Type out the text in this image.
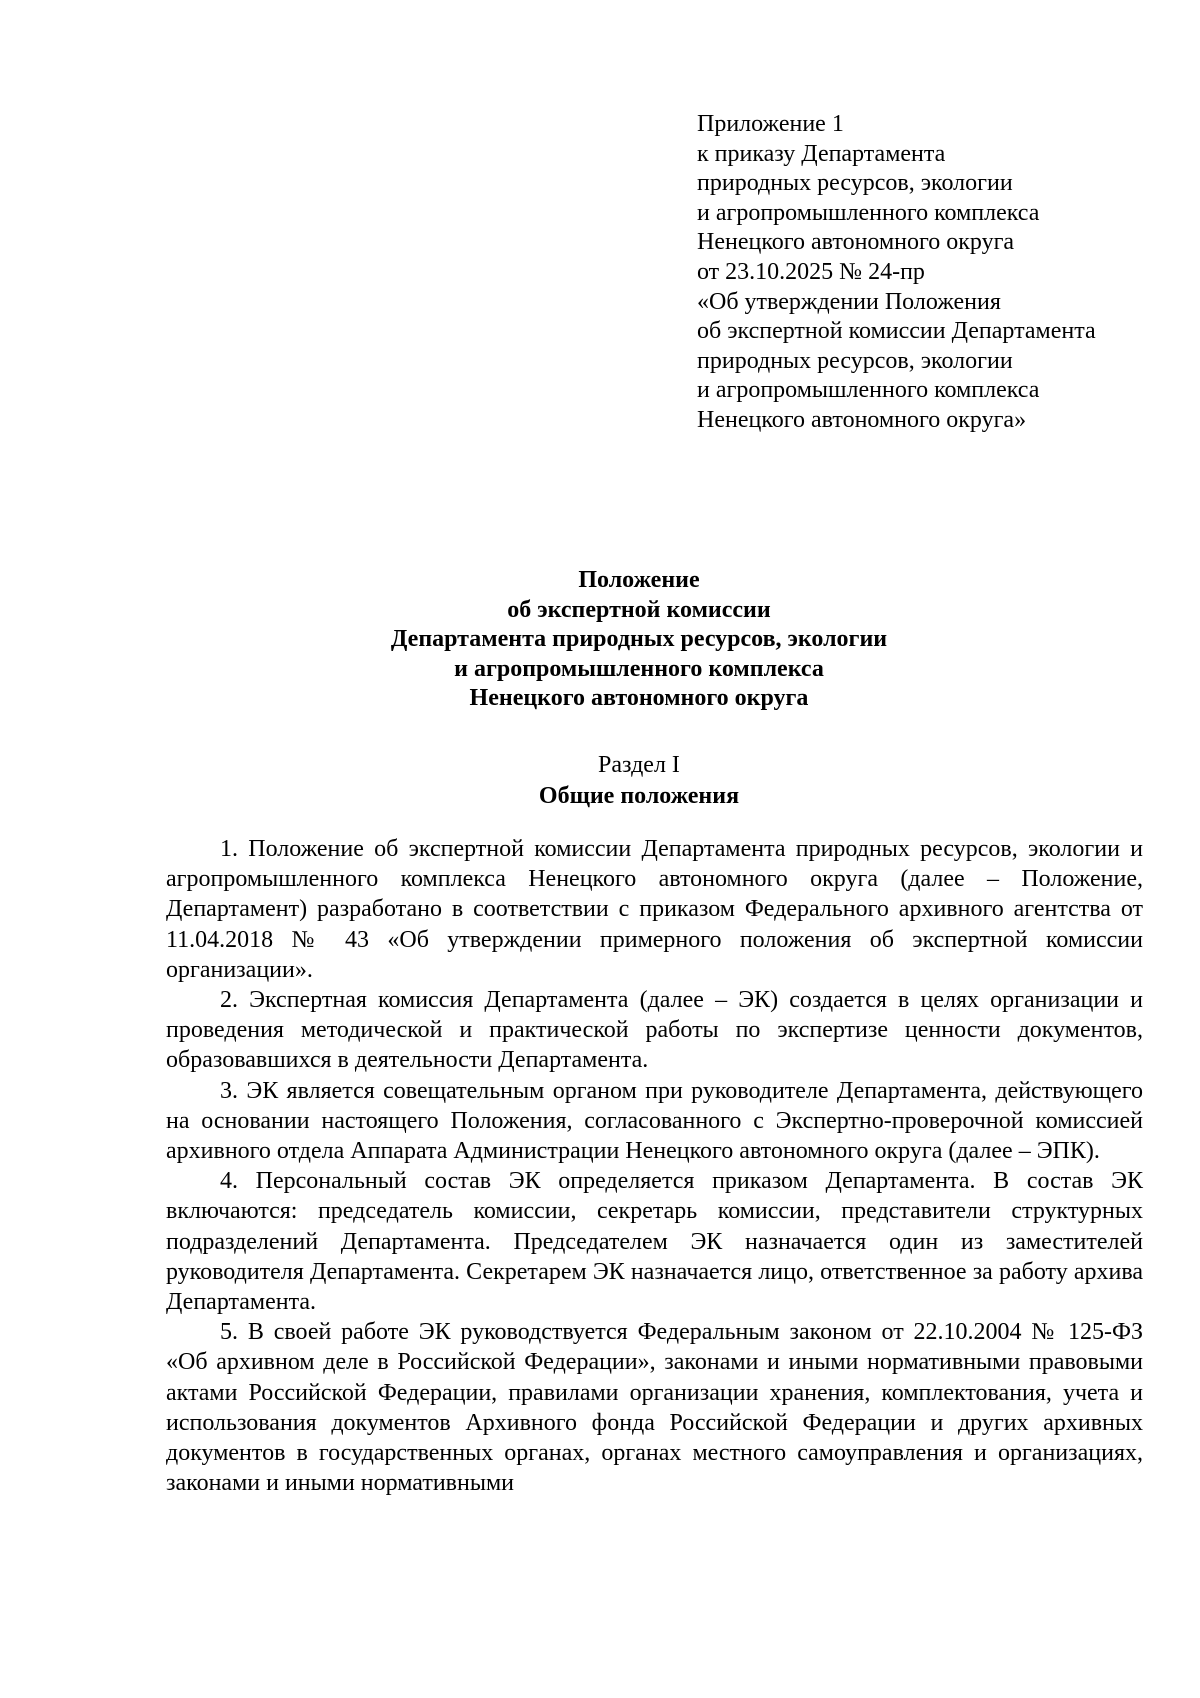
Приложение 1
к приказу Департамента
природных ресурсов, экологии
и агропромышленного комплекса
Ненецкого автономного округа
от 23.10.2025 № 24-пр
«Об утверждении Положения
об экспертной комиссии Департамента
природных ресурсов, экологии
и агропромышленного комплекса
Ненецкого автономного округа»
Положение
об экспертной комиссии
Департамента природных ресурсов, экологии
и агропромышленного комплекса
Ненецкого автономного округа
Раздел I
Общие положения

1. Положение об экспертной комиссии Департамента природных ресурсов, экологии и агропромышленного комплекса Ненецкого автономного округа (далее – Положение, Департамент) разработано в соответствии с приказом Федерального архивного агентства от 11.04.2018 № 43 «Об утверждении примерного положения об экспертной комиссии организации».

2. Экспертная комиссия Департамента (далее – ЭК) создается в целях организации и проведения методической и практической работы по экспертизе ценности документов, образовавшихся в деятельности Департамента.

3. ЭК является совещательным органом при руководителе Департамента, действующего на основании настоящего Положения, согласованного с Экспертно-проверочной комиссией архивного отдела Аппарата Администрации Ненецкого автономного округа (далее – ЭПК).

4. Персональный состав ЭК определяется приказом Департамента. В состав ЭК включаются: председатель комиссии, секретарь комиссии, представители структурных подразделений Департамента. Председателем ЭК назначается один из заместителей руководителя Департамента. Секретарем ЭК назначается лицо, ответственное за работу архива Департамента.

5. В своей работе ЭК руководствуется Федеральным законом от 22.10.2004 № 125-ФЗ «Об архивном деле в Российской Федерации», законами и иными нормативными правовыми актами Российской Федерации, правилами организации хранения, комплектования, учета и использования документов Архивного фонда Российской Федерации и других архивных документов в государственных органах, органах местного самоуправления и организациях, законами и иными нормативными
